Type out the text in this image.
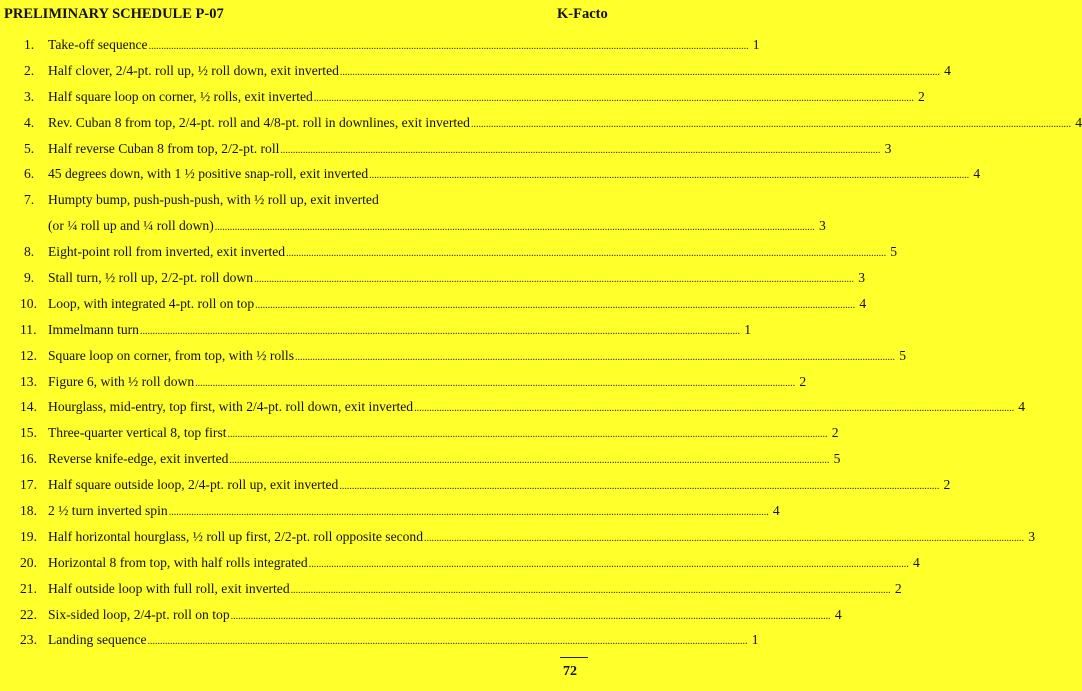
PRELIMINARY SCHEDULE P-07	K-Facto
1.	Take-off sequence .....	1
2.	Half clover, 2/4-pt. roll up, ½ roll down, exit inverted .....	4
3.	Half square loop on corner, ½ rolls, exit inverted .....	2
4.	Rev. Cuban 8 from top, 2/4-pt. roll and 4/8-pt. roll in downlines, exit inverted .....	4
5.	Half reverse Cuban 8 from top, 2/2-pt. roll .....	3
6.	45 degrees down, with 1 ½ positive snap-roll, exit inverted .....	4
7.	Humpty bump, push-push-push, with ½ roll up, exit inverted
(or ¼ roll up and ¼ roll down) .....	3
8.	Eight-point roll from inverted, exit inverted .....	5
9.	Stall turn, ½ roll up, 2/2-pt. roll down .....	3
10. Loop, with integrated 4-pt. roll on top .....	4
11. Immelmann turn .....	1
12. Square loop on corner, from top, with ½ rolls .....	5
13. Figure 6, with ½ roll down .....	2
14. Hourglass, mid-entry, top first, with 2/4-pt. roll down, exit inverted .....	4
15. Three-quarter vertical 8, top first .....	2
16. Reverse knife-edge, exit inverted .....	5
17. Half square outside loop, 2/4-pt. roll up, exit inverted .....	2
18. 2 ½ turn inverted spin .....	4
19. Half horizontal hourglass, ½ roll up first, 2/2-pt. roll opposite second .....	3
20. Horizontal 8 from top, with half rolls integrated .....	4
21. Half outside loop with full roll, exit inverted .....	2
22. Six-sided loop, 2/4-pt. roll on top .....	4
23. Landing sequence .....	1
72
